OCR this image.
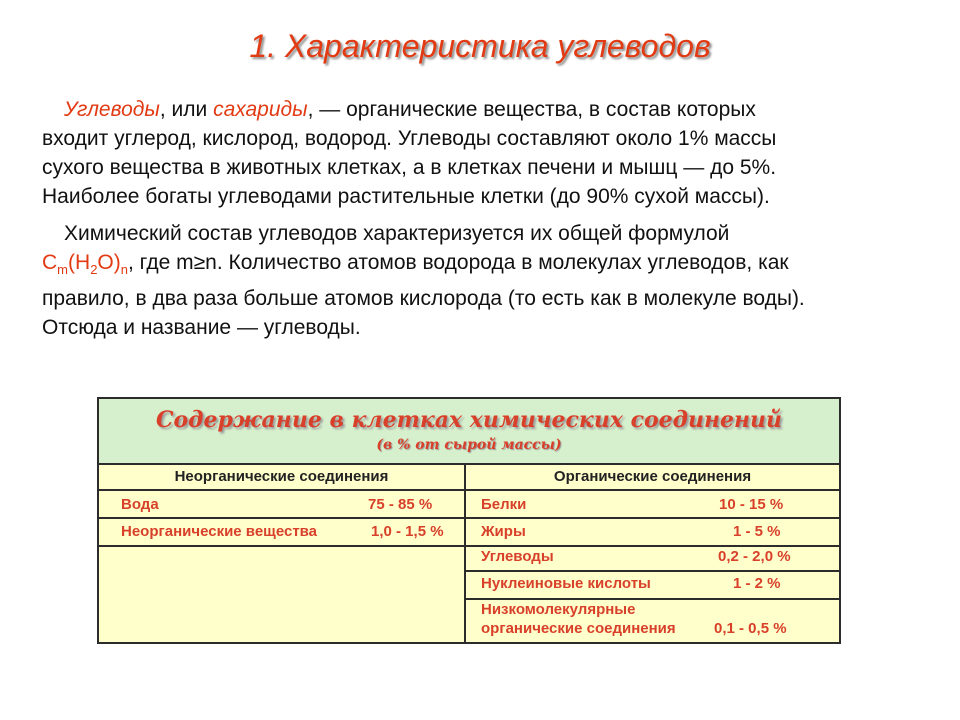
1. Характеристика углеводов

Углеводы, или сахариды, — органические вещества, в состав которых
входит углерод, кислород, водород. Углеводы составляют около 1% массы
сухого вещества в животных клетках, а в клетках печени и мышц — до 5%.
Наиболее богаты углеводами растительные клетки (до 90% сухой массы).

Химический состав углеводов характеризуется их общей формулой
$C_m(H_2O)_n$, где m≥n. Количество атомов водорода в молекулах углеводов, как
правило, в два раза больше атомов кислорода (то есть как в молекуле воды).
Отсюда и название — углеводы.

Содержание в клетках химических соединений
(в % от сырой массы)
Неорганические соединения	Органические соединения
Вода	75 - 85 %
Неорганические вещества	1,0 - 1,5 %
Белки	10 - 15 %
Жиры	1 - 5 %
Углеводы	0,2 - 2,0 %
Нуклеиновые кислоты	1 - 2 %
Низкомолекулярные
органические соединения	0,1 - 0,5 %
